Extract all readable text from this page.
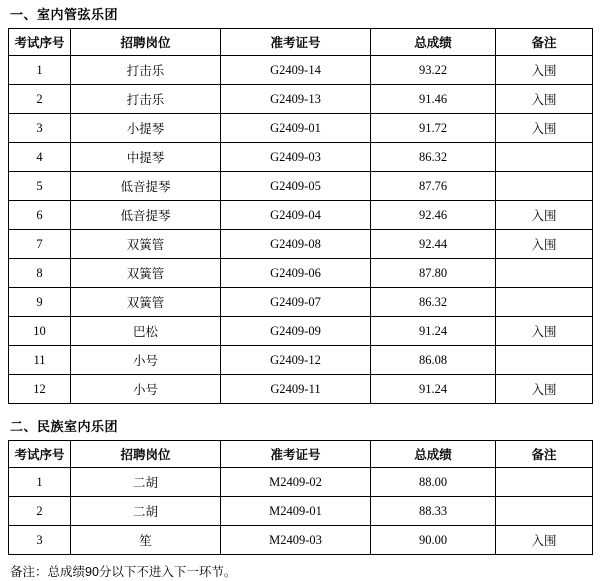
一、室内管弦乐团
考试序号	招聘岗位	准考证号	总成绩	备注
1	打击乐	G2409-14	93.22	入围
2	打击乐	G2409-13	91.46	入围
3	小提琴	G2409-01	91.72	入围
4	中提琴	G2409-03	86.32	
5	低音提琴	G2409-05	87.76	
6	低音提琴	G2409-04	92.46	入围
7	双簧管	G2409-08	92.44	入围
8	双簧管	G2409-06	87.80	
9	双簧管	G2409-07	86.32	
10	巴松	G2409-09	91.24	入围
11	小号	G2409-12	86.08	
12	小号	G2409-11	91.24	入围
二、民族室内乐团
考试序号	招聘岗位	准考证号	总成绩	备注
1	二胡	M2409-02	88.00	
2	二胡	M2409-01	88.33	
3	笙	M2409-03	90.00	入围
备注：总成绩90分以下不进入下一环节。
